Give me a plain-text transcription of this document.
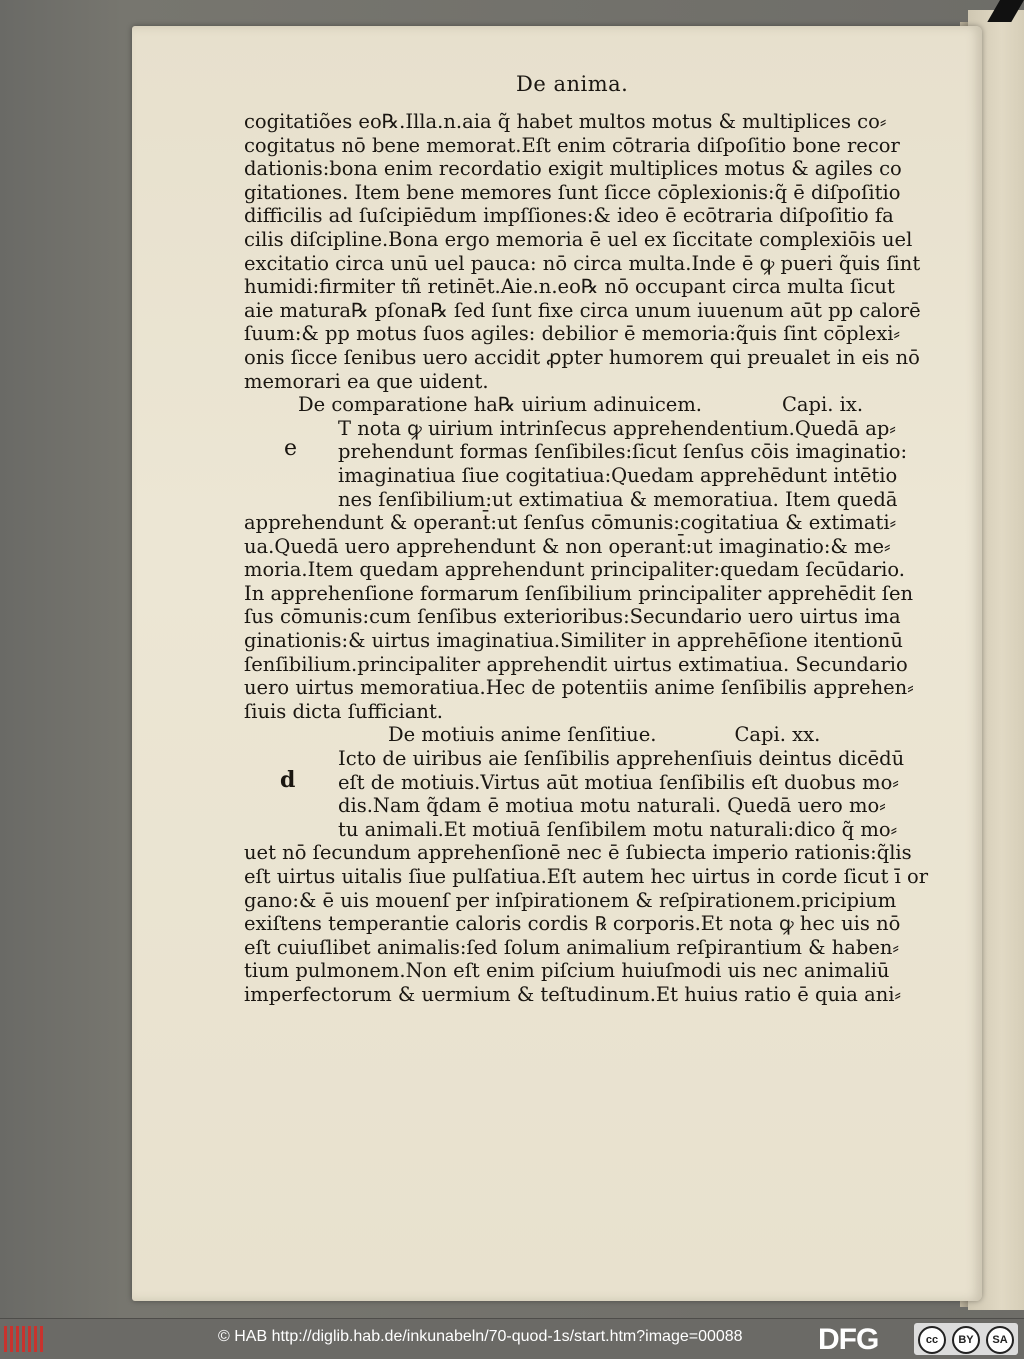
De anima.
cogitatiões eo℞.Illa.n.aia q̃ habet multos motus & multiplices co⸗
cogitatus nō bene memorat.Eſt enim cōtraria diſpoſitio bone recor
dationis:bona enim recordatio exigit multiplices motus & agiles co
gitationes. Item bene memores ſunt ſicce cōplexionis:q̃ ē diſpoſitio
difficilis ad ſuſcipiēdum impſſiones:& ideo ē ecōtraria diſpoſitio fa
cilis diſcipline.Bona ergo memoria ē uel ex ſiccitate complexiōis uel
excitatio circa unū uel pauca: nō circa multa.Inde ē ꝙ pueri q̃uis ſint
humidi:firmiter tñ retinēt.Aie.n.eo℞ nō occupant circa multa ſicut
aie matura℞ pſona℞ ſed ſunt fixe circa unum iuuenum aūt pp calorē
ſuum:& pp motus ſuos agiles: debilior ē memoria:q̃uis ſint cōplexi⸗
onis ſicce ſenibus uero accidit ꝓpter humorem qui preualet in eis nō
memorari ea que uident.
De comparatione ha℞ uirium adinuicem.	Capi. ix.
e
T nota ꝙ uirium intrinſecus apprehendentium.Quedā ap⸗
prehendunt formas ſenſibiles:ſicut ſenſus cōis imaginatio:
imaginatiua ſiue cogitatiua:Quedam apprehēdunt intētio
nes ſenſibilium:ut extimatiua & memoratiua. Item quedā
apprehendunt & operant̄:ut ſenſus cōmunis:cogitatiua & extimati⸗
ua.Quedā uero apprehendunt & non operant̄:ut imaginatio:& me⸗
moria.Item quedam apprehendunt principaliter:quedam ſecūdario.
In apprehenſione formarum ſenſibilium principaliter apprehēdit ſen
ſus cōmunis:cum ſenſibus exterioribus:Secundario uero uirtus ima
ginationis:& uirtus imaginatiua.Similiter in apprehēſione itentionū
ſenſibilium.principaliter apprehendit uirtus extimatiua. Secundario
uero uirtus memoratiua.Hec de potentiis anime ſenſibilis apprehen⸗
ſiuis dicta ſufficiant.
De motiuis anime ſenſitiue.	Capi. xx.
d
Icto de uiribus aie ſenſibilis apprehenſiuis deintus dicēdū
eſt de motiuis.Virtus aūt motiua ſenſibilis eſt duobus mo⸗
dis.Nam q̃dam ē motiua motu naturali. Quedā uero mo⸗
tu animali.Et motiuā ſenſibilem motu naturali:dico q̃ mo⸗
uet nō ſecundum apprehenſionē nec ē ſubiecta imperio rationis:q̃lis
eſt uirtus uitalis ſiue pulſatiua.Eſt autem hec uirtus in corde ſicut ī or
gano:& ē uis mouenſ per inſpirationem & reſpirationem.pricipium
exiſtens temperantie caloris cordis ℞ corporis.Et nota ꝙ hec uis nō
eſt cuiuſlibet animalis:ſed ſolum animalium reſpirantium & haben⸗
tium pulmonem.Non eſt enim piſcium huiuſmodi uis nec animaliū
imperfectorum & uermium & teſtudinum.Et huius ratio ē quia ani⸗
© HAB http://diglib.hab.de/inkunabeln/70-quod-1s/start.htm?image=00088	DFG	cc	BY	SA
